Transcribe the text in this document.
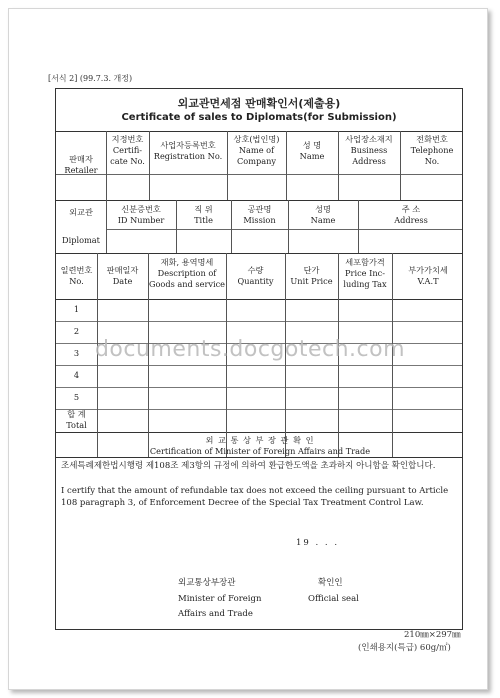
[서식 2] (99.7.3. 개정)
외교관면세점 판매확인서(제출용)
Certificate of sales to Diplomats(for Submission)
판매자
Retailer
지정번호
Certifi-
cate No.
사업자등록번호
Registration No.
상호(법인명)
Name of
Company
성 명
Name
사업장소재지
Business
Address
전화번호
Telephone
No.
외교관
Diplomat
신분증번호
ID Number
직 위
Title
공관명
Mission
성명
Name
주 소
Address
일련번호
No.
판매일자
Date
재화, 용역명세
Description of
Goods and service
수량
Quantity
단가
Unit Price
세포함가격
Price Inc-
luding Tax
부가가치세
V.A.T
1
2
3
4
5
합 계
Total
외 교 통 상 부 장 관 확 인
Certification of Minister of Foreign Affairs and Trade
조세특례제한법시행령 제108조 제3항의 규정에 의하여 환급한도액을 초과하지 아니함을 확인합니다.
I certify that the amount of refundable tax does not exceed the ceiling pursuant to Article 108 paragraph 3, of Enforcement Decree of the Special Tax Treatment Control Law.
19 . . .
외교통상부장관
Minister of Foreign
Affairs and Trade
확인인
Official seal
210㎜×297㎜
(인쇄용지(특급) 60g/㎡)
documents.docgotech.com
